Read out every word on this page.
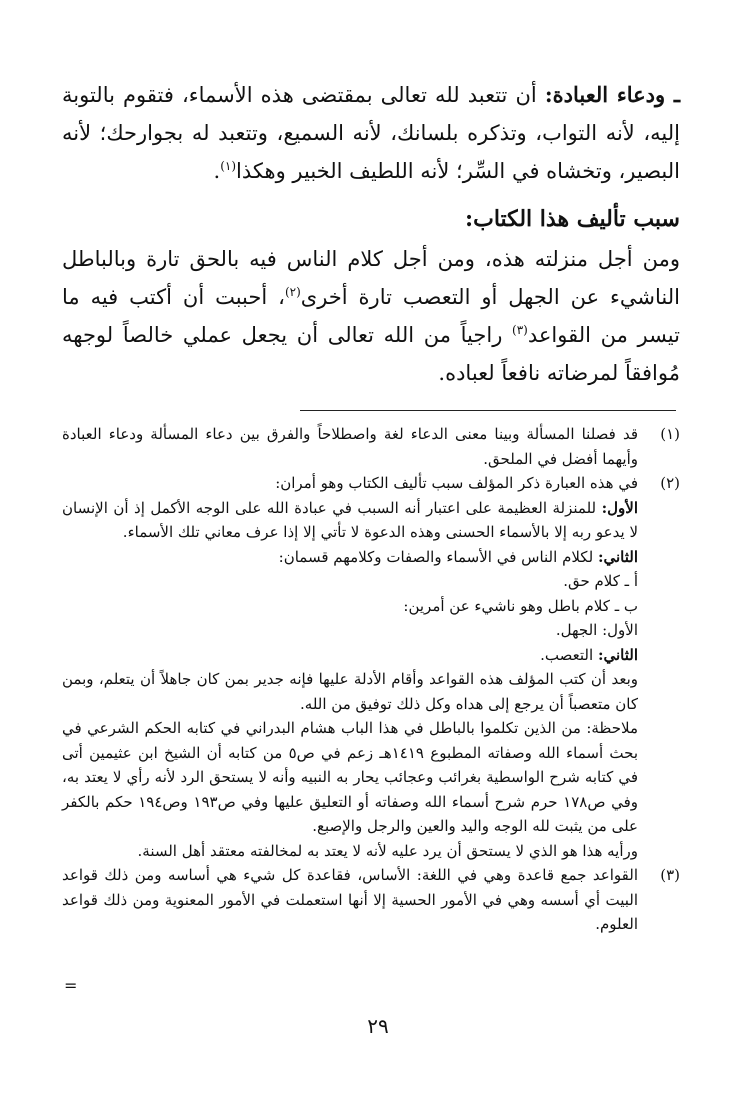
ـ ودعاء العبادة: أن تتعبد لله تعالى بمقتضى هذه الأسماء، فتقوم بالتوبة إليه، لأنه التواب، وتذكره بلسانك، لأنه السميع، وتتعبد له بجوارحك؛ لأنه البصير، وتخشاه في السِّر؛ لأنه اللطيف الخبير وهكذا$^{(١)}$.

سبب تأليف هذا الكتاب:

ومن أجل منزلته هذه، ومن أجل كلام الناس فيه بالحق تارة وبالباطل الناشيء عن الجهل أو التعصب تارة أخرى$^{(٢)}$، أحببت أن أكتب فيه ما تيسر من القواعد$^{(٣)}$ راجياً من الله تعالى أن يجعل عملي خالصاً لوجهه مُوافقاً لمرضاته نافعاً لعباده.

(١)
قد فصلنا المسألة وبينا معنى الدعاء لغة واصطلاحاً والفرق بين دعاء المسألة ودعاء العبادة وأيهما أفضل في الملحق.
(٢)
في هذه العبارة ذكر المؤلف سبب تأليف الكتاب وهو أمران:
الأول: للمنزلة العظيمة على اعتبار أنه السبب في عبادة الله على الوجه الأكمل إذ أن الإنسان لا يدعو ربه إلا بالأسماء الحسنى وهذه الدعوة لا تأتي إلا إذا عرف معاني تلك الأسماء.
الثاني: لكلام الناس في الأسماء والصفات وكلامهم قسمان:
أ ـ كلام حق.
ب ـ كلام باطل وهو ناشيء عن أمرين:
الأول: الجهل.
الثاني: التعصب.
وبعد أن كتب المؤلف هذه القواعد وأقام الأدلة عليها فإنه جدير بمن كان جاهلاً أن يتعلم، وبمن كان متعصباً أن يرجع إلى هداه وكل ذلك توفيق من الله.
ملاحظة: من الذين تكلموا بالباطل في هذا الباب هشام البدراني في كتابه الحكم الشرعي في بحث أسماء الله وصفاته المطبوع ١٤١٩هـ زعم في ص٥ من كتابه أن الشيخ ابن عثيمين أتى في كتابه شرح الواسطية بغرائب وعجائب يحار به النبيه وأنه لا يستحق الرد لأنه رأي لا يعتد به، وفي ص١٧٨ حرم شرح أسماء الله وصفاته أو التعليق عليها وفي ص١٩٣ وص١٩٤ حكم بالكفر على من يثبت لله الوجه واليد والعين والرجل والإصبع.
ورأيه هذا هو الذي لا يستحق أن يرد عليه لأنه لا يعتد به لمخالفته معتقد أهل السنة.
(٣)
القواعد جمع قاعدة وهي في اللغة: الأساس، فقاعدة كل شيء هي أساسه ومن ذلك قواعد البيت أي أسسه وهي في الأمور الحسية إلا أنها استعملت في الأمور المعنوية ومن ذلك قواعد العلوم.
=
٢٩
